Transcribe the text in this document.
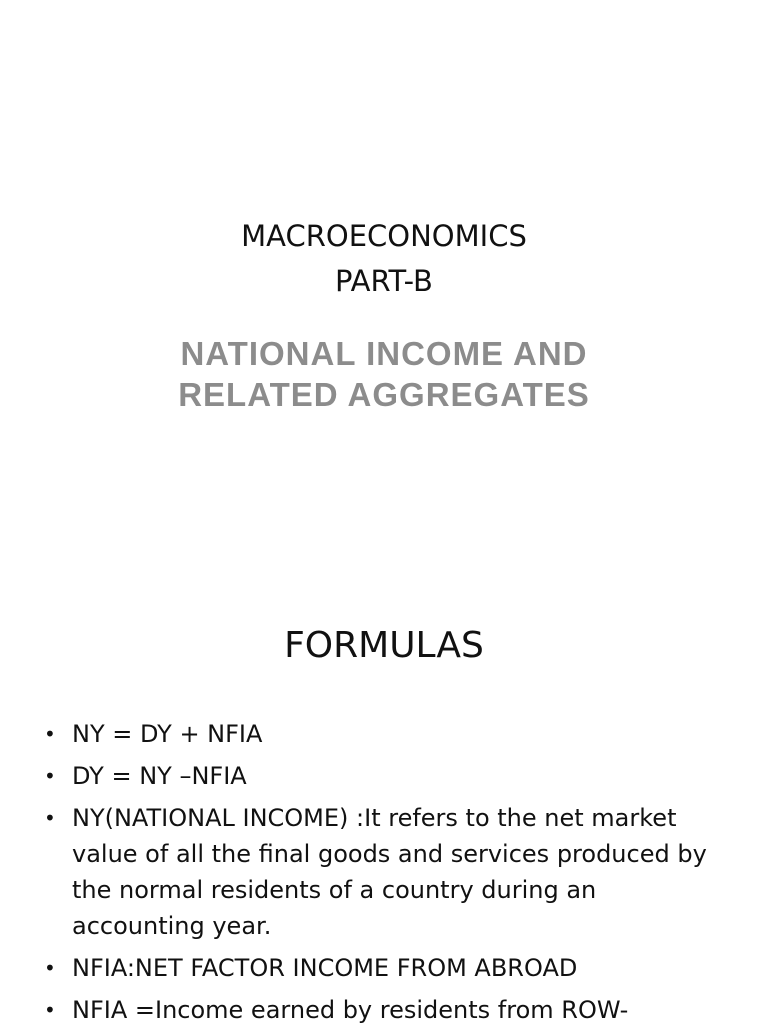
MACROECONOMICS
PART-B
NATIONAL INCOME AND
RELATED AGGREGATES
FORMULAS
• NY = DY + NFIA
• DY = NY –NFIA
• NY(NATIONAL INCOME) :It refers to the net market value of all the final goods and services produced by the normal residents of a country during an accounting year.
• NFIA:NET FACTOR INCOME FROM ABROAD
• NFIA =Income earned by residents from ROW-
